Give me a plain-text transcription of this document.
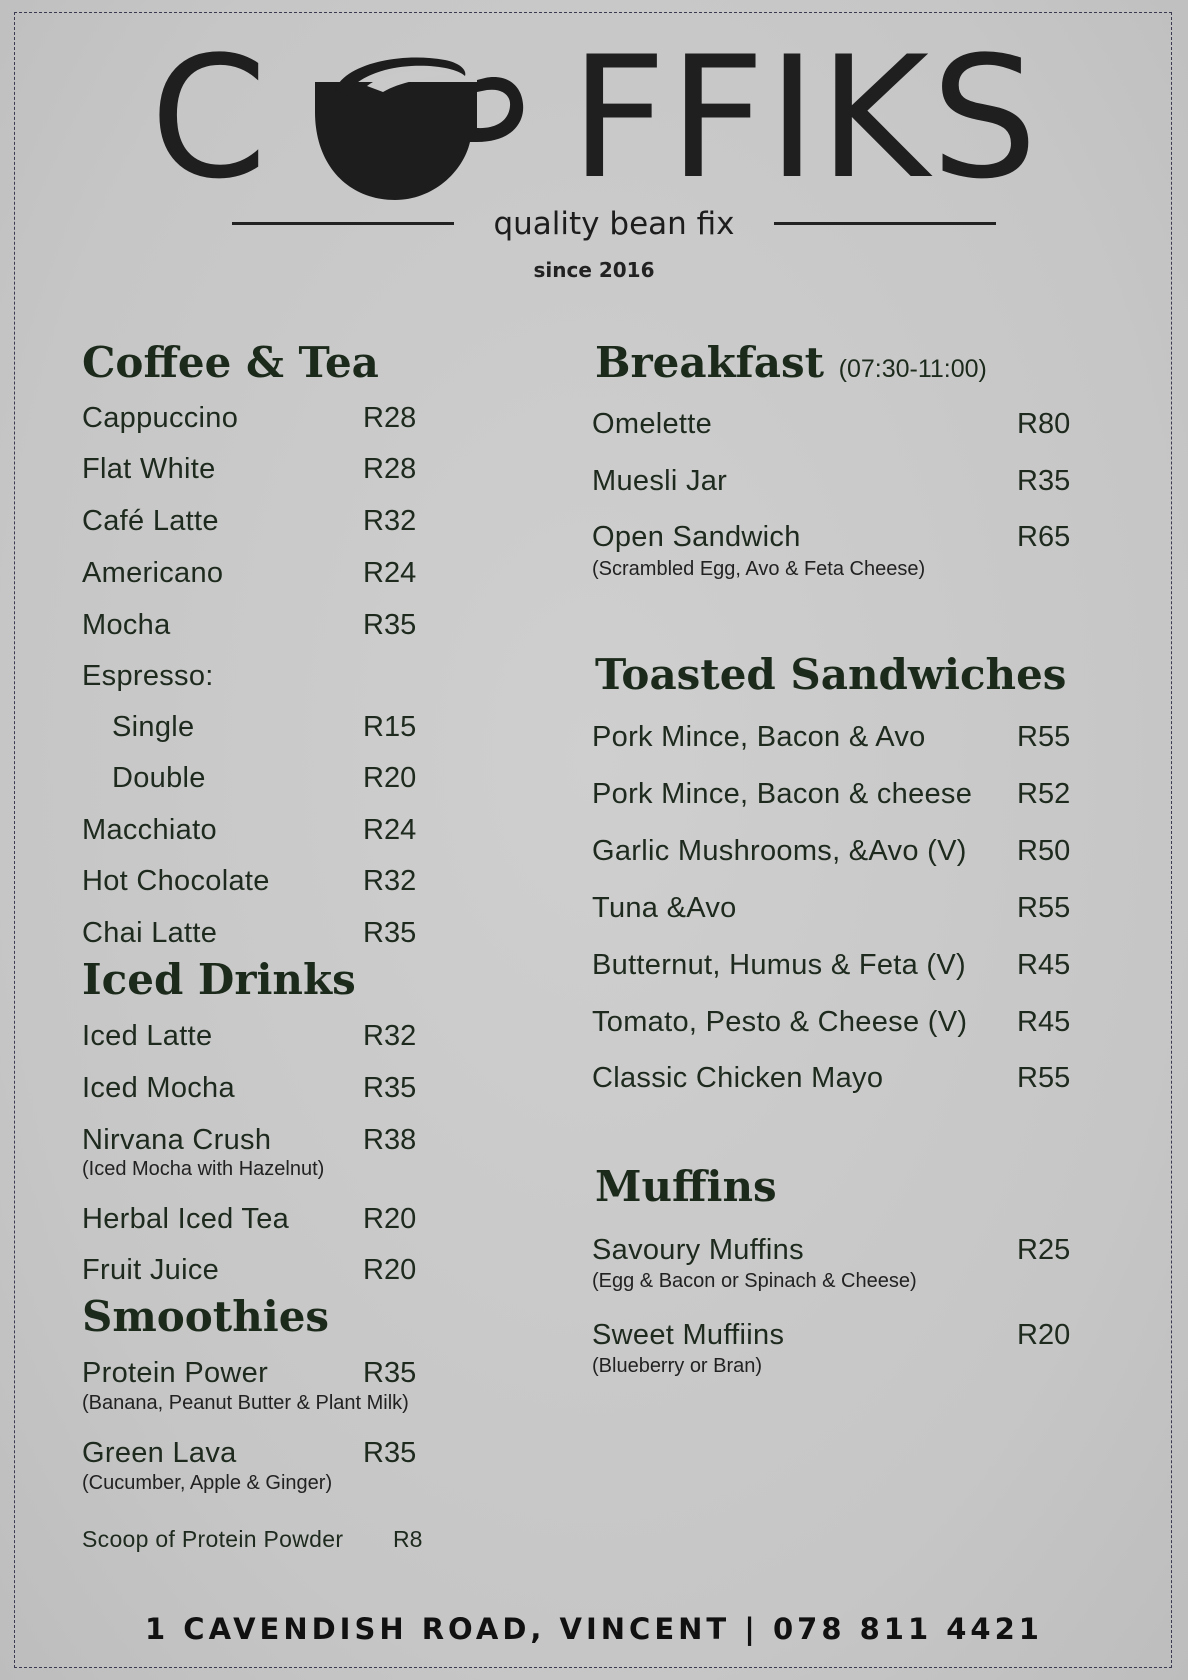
C FFIKS
quality bean fix
since 2016
Coffee & Tea
Cappuccino	R28
Flat White	R28
Café Latte	R32
Americano	R24
Mocha	R35
Espresso:
Single	R15
Double	R20
Macchiato	R24
Hot Chocolate	R32
Chai Latte	R35
Iced Drinks
Iced Latte	R32
Iced Mocha	R35
Nirvana Crush	R38
(Iced Mocha with Hazelnut)
Herbal Iced Tea	R20
Fruit Juice	R20
Smoothies
Protein Power	R35
(Banana, Peanut Butter & Plant Milk)
Green Lava	R35
(Cucumber, Apple & Ginger)
Scoop of Protein Powder R8
Breakfast (07:30-11:00)
Omelette	R80
Muesli Jar	R35
Open Sandwich	R65
(Scrambled Egg, Avo & Feta Cheese)
Toasted Sandwiches
Pork Mince, Bacon & Avo	R55
Pork Mince, Bacon & cheese R52
Garlic Mushrooms, &Avo (V) R50
Tuna &Avo	R55
Butternut, Humus & Feta (V) R45
Tomato, Pesto & Cheese (V) R45
Classic Chicken Mayo	R55
Muffins
Savoury Muffins	R25
(Egg & Bacon or Spinach & Cheese)
Sweet Muffiins	R20
(Blueberry or Bran)
1 CAVENDISH ROAD, VINCENT | 078 811 4421
